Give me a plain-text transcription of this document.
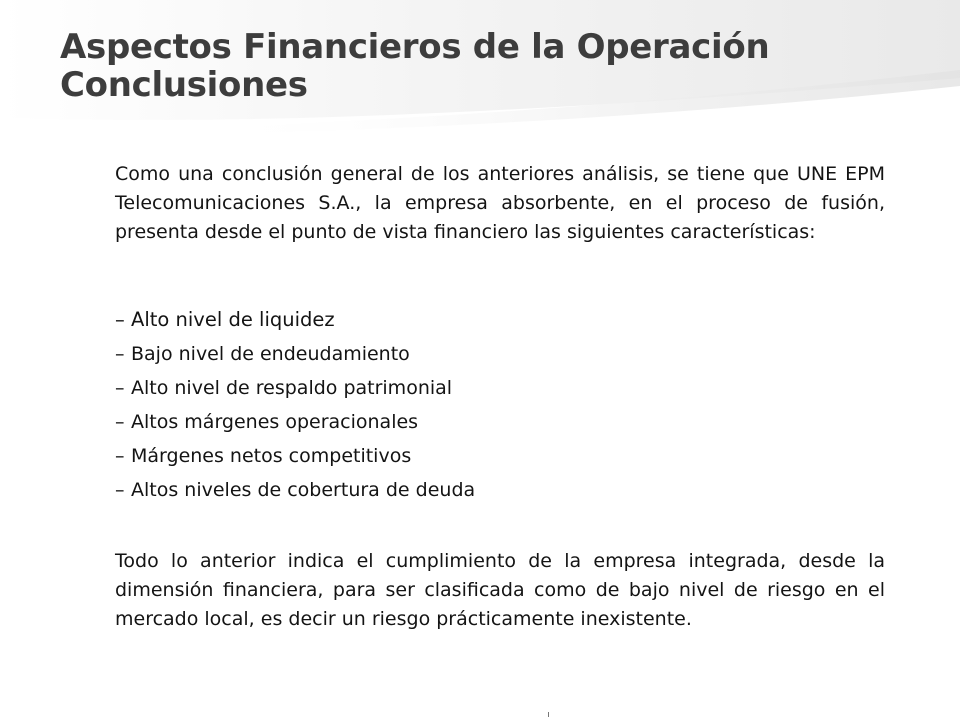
Aspectos Financieros de la Operación
Conclusiones

Como una conclusión general de los anteriores análisis, se tiene que UNE EPM Telecomunicaciones S.A., la empresa absorbente, en el proceso de fusión, presenta desde el punto de vista financiero las siguientes características:

– Alto nivel de liquidez
– Bajo nivel de endeudamiento
– Alto nivel de respaldo patrimonial
– Altos márgenes operacionales
– Márgenes netos competitivos
– Altos niveles de cobertura de deuda

Todo lo anterior indica el cumplimiento de la empresa integrada, desde la dimensión financiera, para ser clasificada como de bajo nivel de riesgo en el mercado local, es decir un riesgo prácticamente inexistente.
